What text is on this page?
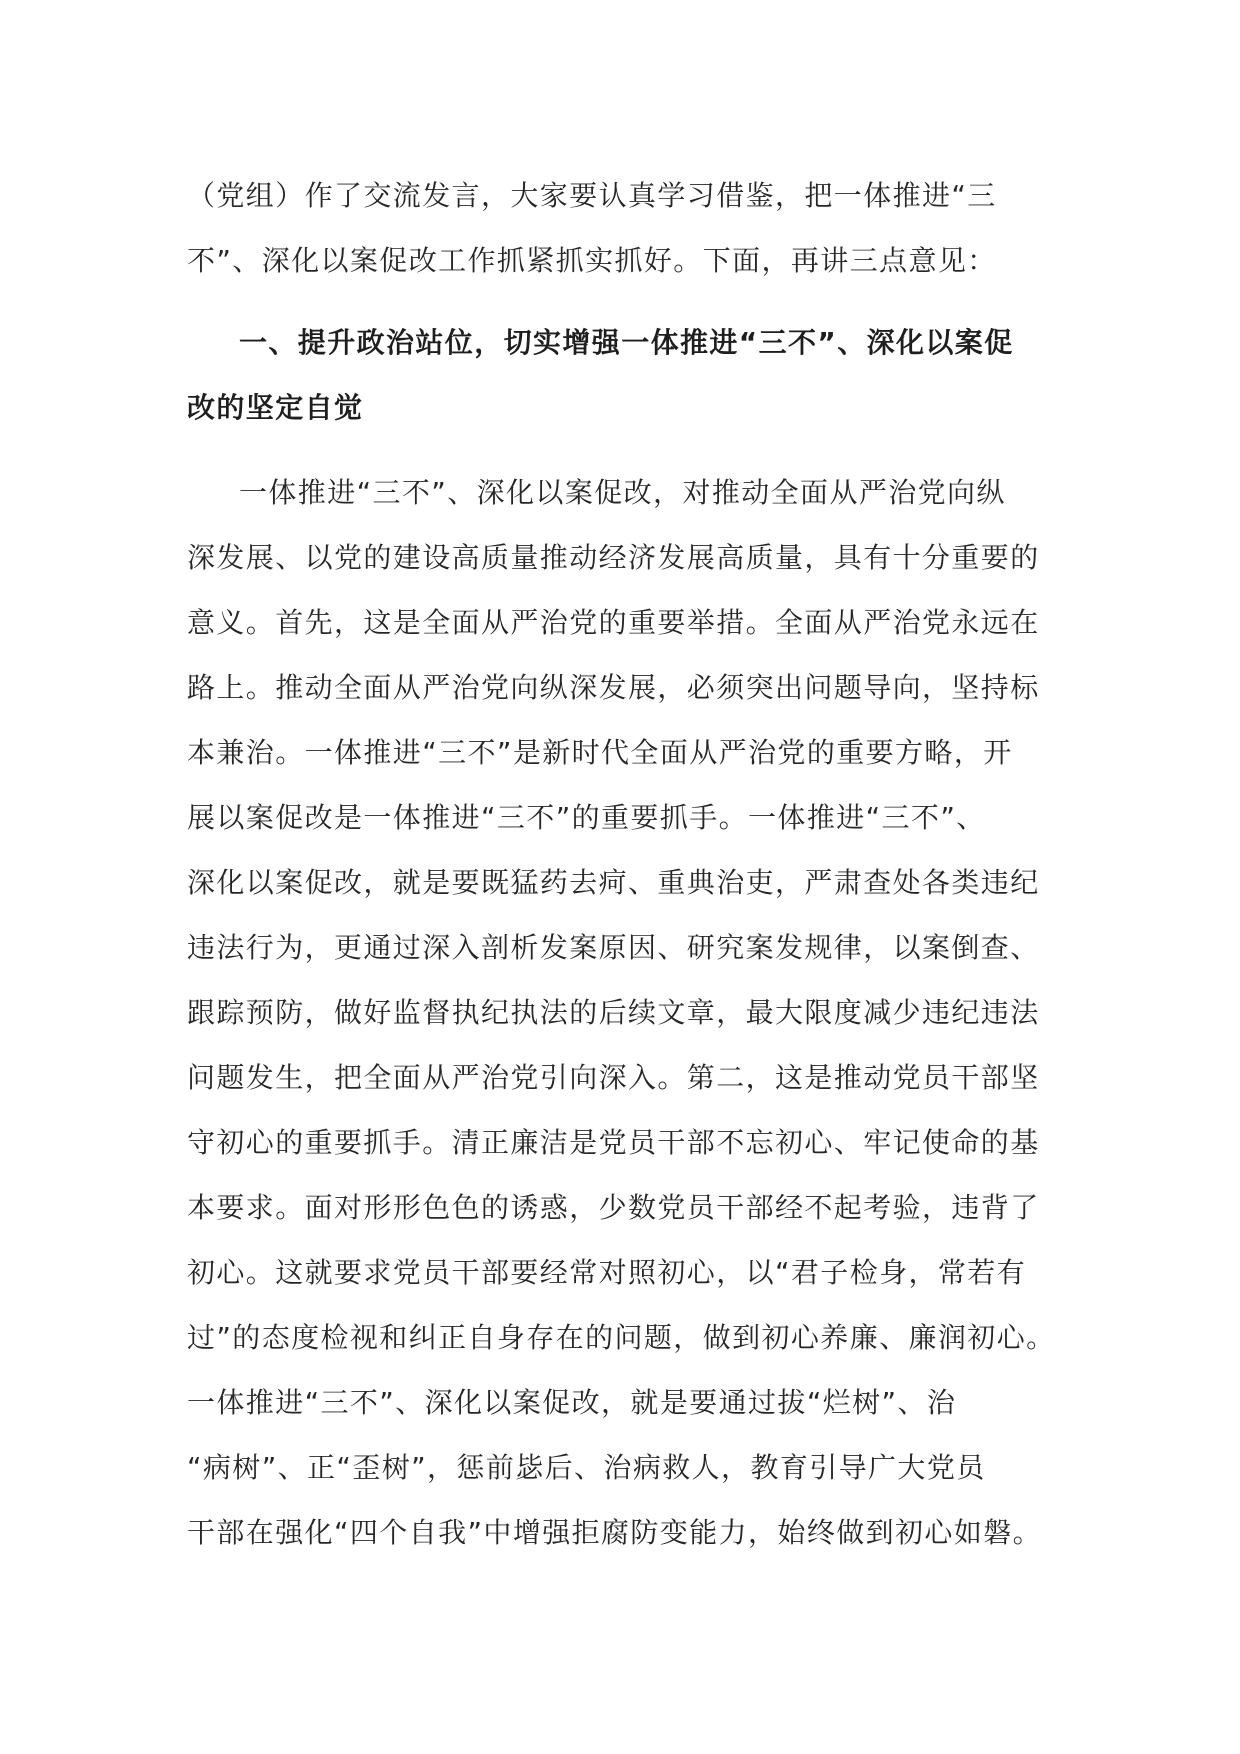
（党组）作了交流发言，大家要认真学习借鉴，把一体推进“三
不”、深化以案促改工作抓紧抓实抓好。下面，再讲三点意见：
一、提升政治站位，切实增强一体推进“三不”、深化以案促
改的坚定自觉
一体推进“三不”、深化以案促改，对推动全面从严治党向纵
深发展、以党的建设高质量推动经济发展高质量，具有十分重要的
意义。首先，这是全面从严治党的重要举措。全面从严治党永远在
路上。推动全面从严治党向纵深发展，必须突出问题导向，坚持标
本兼治。一体推进“三不”是新时代全面从严治党的重要方略，开
展以案促改是一体推进“三不”的重要抓手。一体推进“三不”、
深化以案促改，就是要既猛药去疴、重典治吏，严肃查处各类违纪
违法行为，更通过深入剖析发案原因、研究案发规律，以案倒查、
跟踪预防，做好监督执纪执法的后续文章，最大限度减少违纪违法
问题发生，把全面从严治党引向深入。第二，这是推动党员干部坚
守初心的重要抓手。清正廉洁是党员干部不忘初心、牢记使命的基
本要求。面对形形色色的诱惑，少数党员干部经不起考验，违背了
初心。这就要求党员干部要经常对照初心，以“君子检身，常若有
过”的态度检视和纠正自身存在的问题，做到初心养廉、廉润初心。
一体推进“三不”、深化以案促改，就是要通过拔“烂树”、治
“病树”、正“歪树”，惩前毖后、治病救人，教育引导广大党员
干部在强化“四个自我”中增强拒腐防变能力，始终做到初心如磐。
